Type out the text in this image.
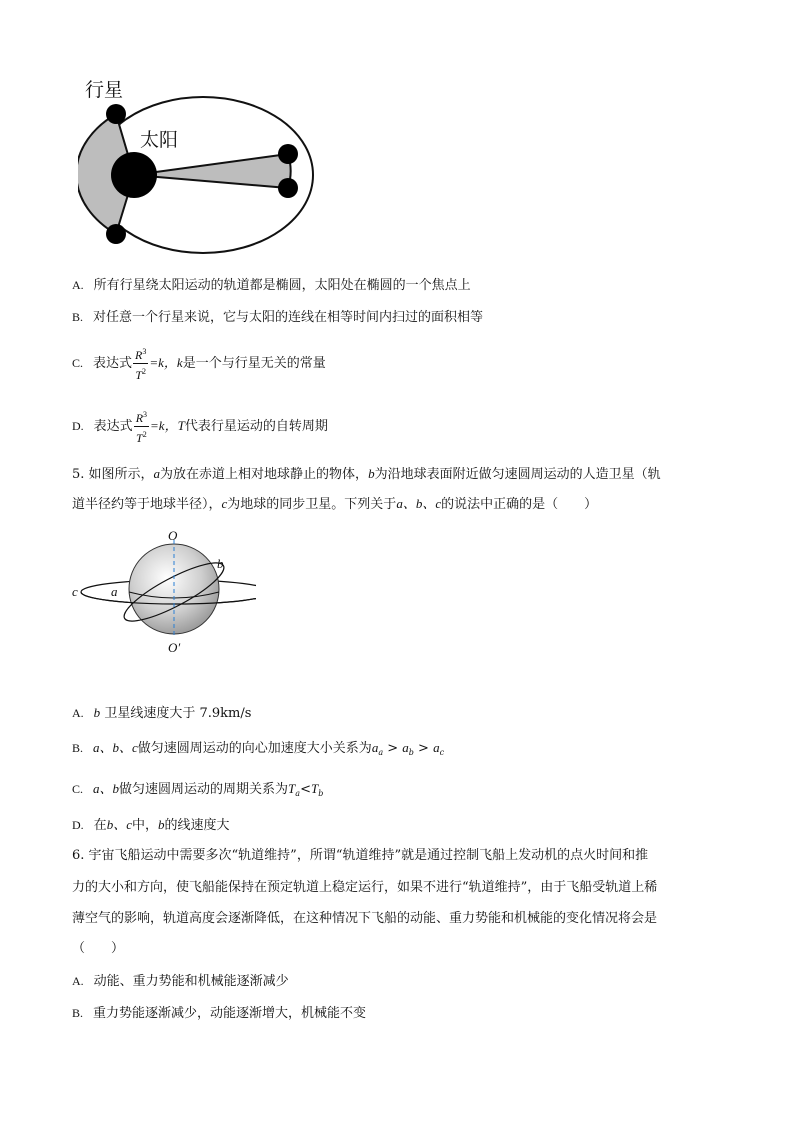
行星
太阳
A. 所有行星绕太阳运动的轨道都是椭圆，太阳处在椭圆的一个焦点上
B. 对任意一个行星来说，它与太阳的连线在相等时间内扫过的面积相等
C. 表达式 $\frac{R^3}{T^2} =k$，k是一个与行星无关的常量
D. 表达式 $\frac{R^3}{T^2} =k$，T代表行星运动的自转周期
5. 如图所示，a为放在赤道上相对地球静止的物体，b为沿地球表面附近做匀速圆周运动的人造卫星（轨
道半径约等于地球半径），c为地球的同步卫星。下列关于a、b、c的说法中正确的是（　　）
O
O′
a
b
c
A. b 卫星线速度大于 7.9km/s
B. a、b、c做匀速圆周运动的向心加速度大小关系为$a_a > a_b > a_c$
C. a、b做匀速圆周运动的周期关系为$T_a<T_b$
D. 在b、c中，b的线速度大
6. 宇宙飞船运动中需要多次“轨道维持”，所谓“轨道维持”就是通过控制飞船上发动机的点火时间和推
力的大小和方向，使飞船能保持在预定轨道上稳定运行，如果不进行“轨道维持”，由于飞船受轨道上稀
薄空气的影响，轨道高度会逐渐降低，在这种情况下飞船的动能、重力势能和机械能的变化情况将会是
（　　）
A. 动能、重力势能和机械能逐渐减少
B. 重力势能逐渐减少，动能逐渐增大，机械能不变
